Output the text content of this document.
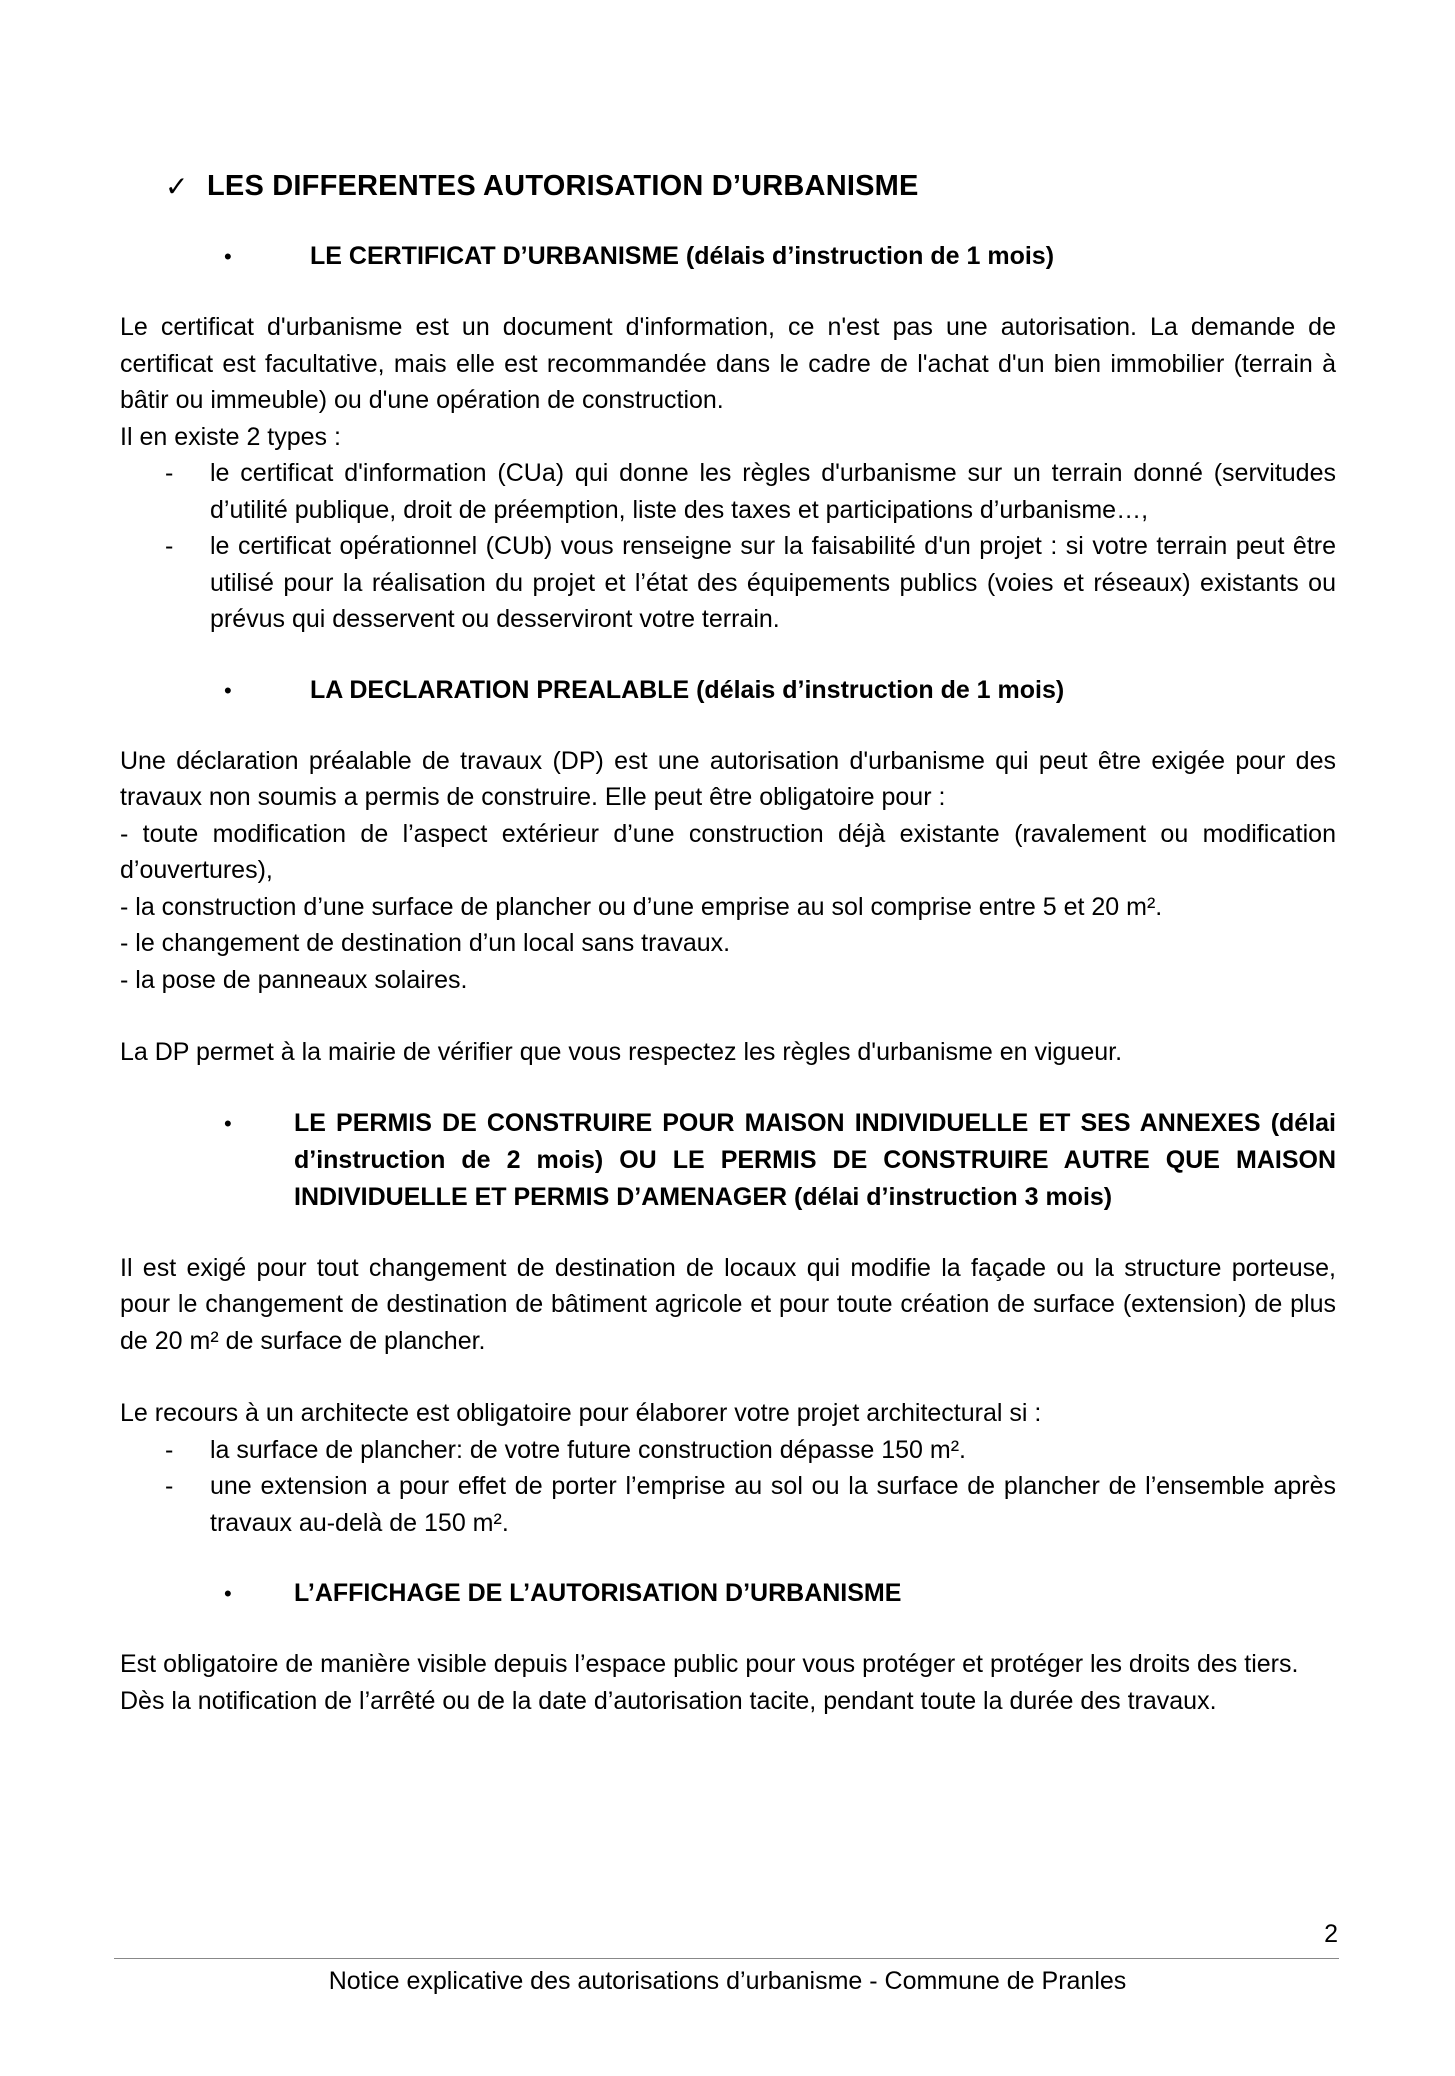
✓ LES DIFFERENTES AUTORISATION D’URBANISME
•	LE CERTIFICAT D’URBANISME (délais d’instruction de 1 mois)

Le certificat d'urbanisme est un document d'information, ce n'est pas une autorisation. La demande de certificat est facultative, mais elle est recommandée dans le cadre de l'achat d'un bien immobilier (terrain à bâtir ou immeuble) ou d'une opération de construction.

Il en existe 2 types :

-	le certificat d'information (CUa) qui donne les règles d'urbanisme sur un terrain donné (servitudes d’utilité publique, droit de préemption, liste des taxes et participations d’urbanisme…,
-	le certificat opérationnel (CUb) vous renseigne sur la faisabilité d'un projet : si votre terrain peut être utilisé pour la réalisation du projet et l’état des équipements publics (voies et réseaux) existants ou prévus qui desservent ou desserviront votre terrain.
•	LA DECLARATION PREALABLE (délais d’instruction de 1 mois)

Une déclaration préalable de travaux (DP) est une autorisation d'urbanisme qui peut être exigée pour des travaux non soumis a permis de construire. Elle peut être obligatoire pour :

- toute modification de l’aspect extérieur d’une construction déjà existante (ravalement ou modification d’ouvertures),

- la construction d’une surface de plancher ou d’une emprise au sol comprise entre 5 et 20 m².

- le changement de destination d’un local sans travaux.

- la pose de panneaux solaires.

La DP permet à la mairie de vérifier que vous respectez les règles d'urbanisme en vigueur.

•	LE PERMIS DE CONSTRUIRE POUR MAISON INDIVIDUELLE ET SES ANNEXES (délai d’instruction de 2 mois) OU LE PERMIS DE CONSTRUIRE AUTRE QUE MAISON INDIVIDUELLE ET PERMIS D’AMENAGER (délai d’instruction 3 mois)

Il est exigé pour tout changement de destination de locaux qui modifie la façade ou la structure porteuse, pour le changement de destination de bâtiment agricole et pour toute création de surface (extension) de plus de 20 m² de surface de plancher.

Le recours à un architecte est obligatoire pour élaborer votre projet architectural si :

-	la surface de plancher: de votre future construction dépasse 150 m².
-	une extension a pour effet de porter l’emprise au sol ou la surface de plancher de l’ensemble après travaux au-delà de 150 m².
•	L’AFFICHAGE DE L’AUTORISATION D’URBANISME

Est obligatoire de manière visible depuis l’espace public pour vous protéger et protéger les droits des tiers.

Dès la notification de l’arrêté ou de la date d’autorisation tacite, pendant toute la durée des travaux.

2
Notice explicative des autorisations d’urbanisme - Commune de Pranles
